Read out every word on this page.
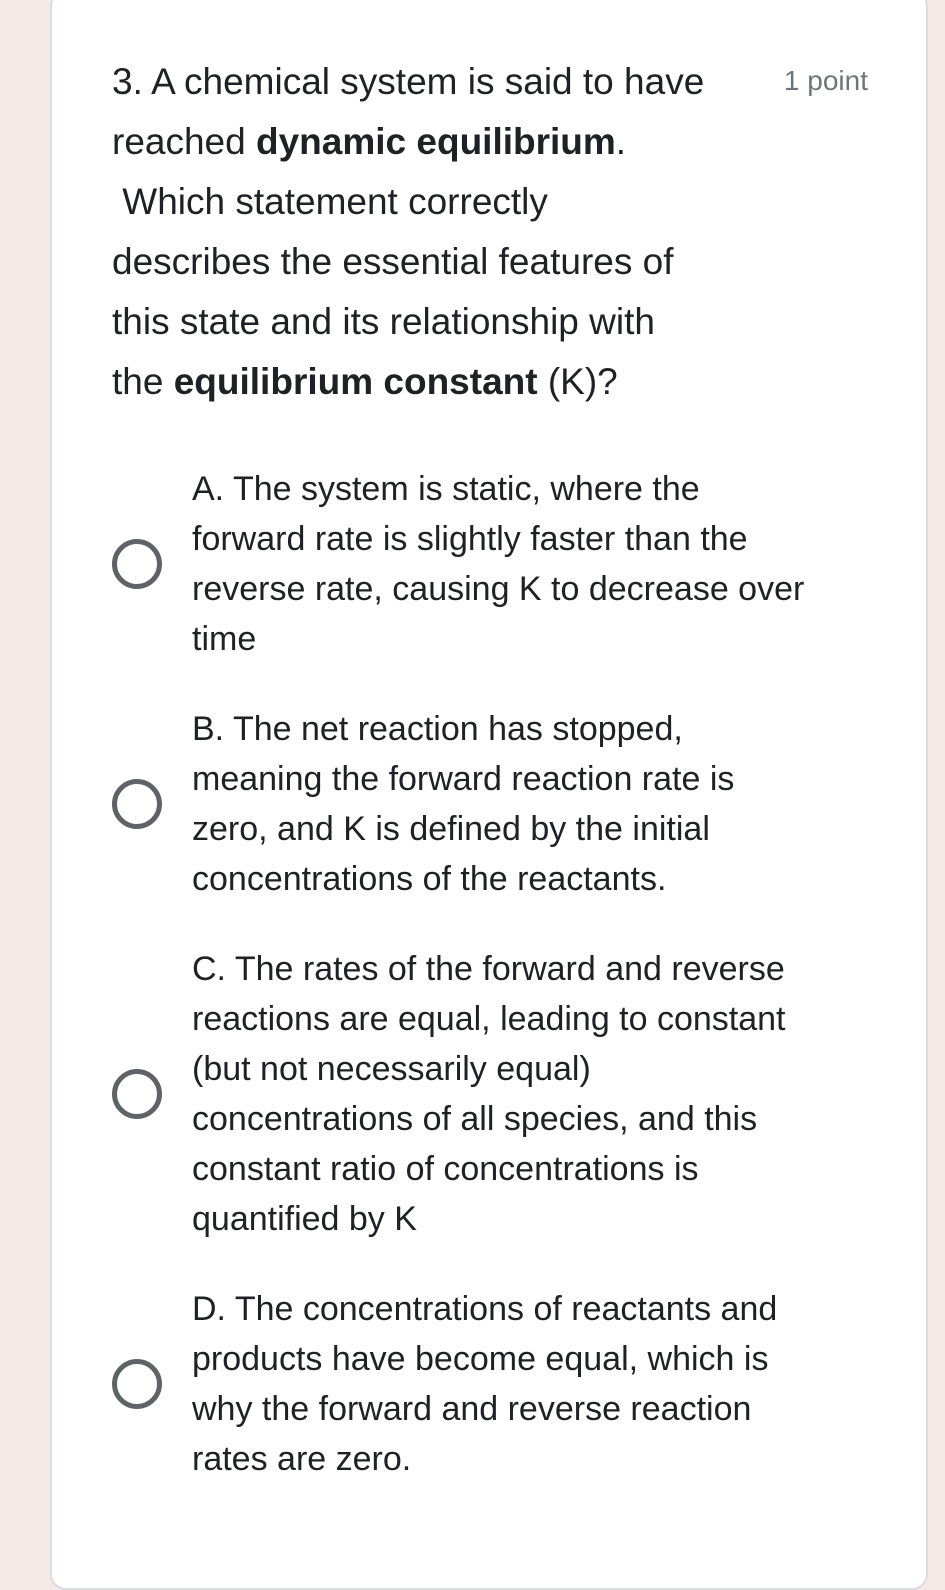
3. A chemical system is said to have
reached dynamic equilibrium.
Which statement correctly
describes the essential features of
this state and its relationship with
the equilibrium constant (K)?
1 point
A. The system is static, where the
forward rate is slightly faster than the
reverse rate, causing K to decrease over
time
B. The net reaction has stopped,
meaning the forward reaction rate is
zero, and K is defined by the initial
concentrations of the reactants.
C. The rates of the forward and reverse
reactions are equal, leading to constant
(but not necessarily equal)
concentrations of all species, and this
constant ratio of concentrations is
quantified by K
D. The concentrations of reactants and
products have become equal, which is
why the forward and reverse reaction
rates are zero.
